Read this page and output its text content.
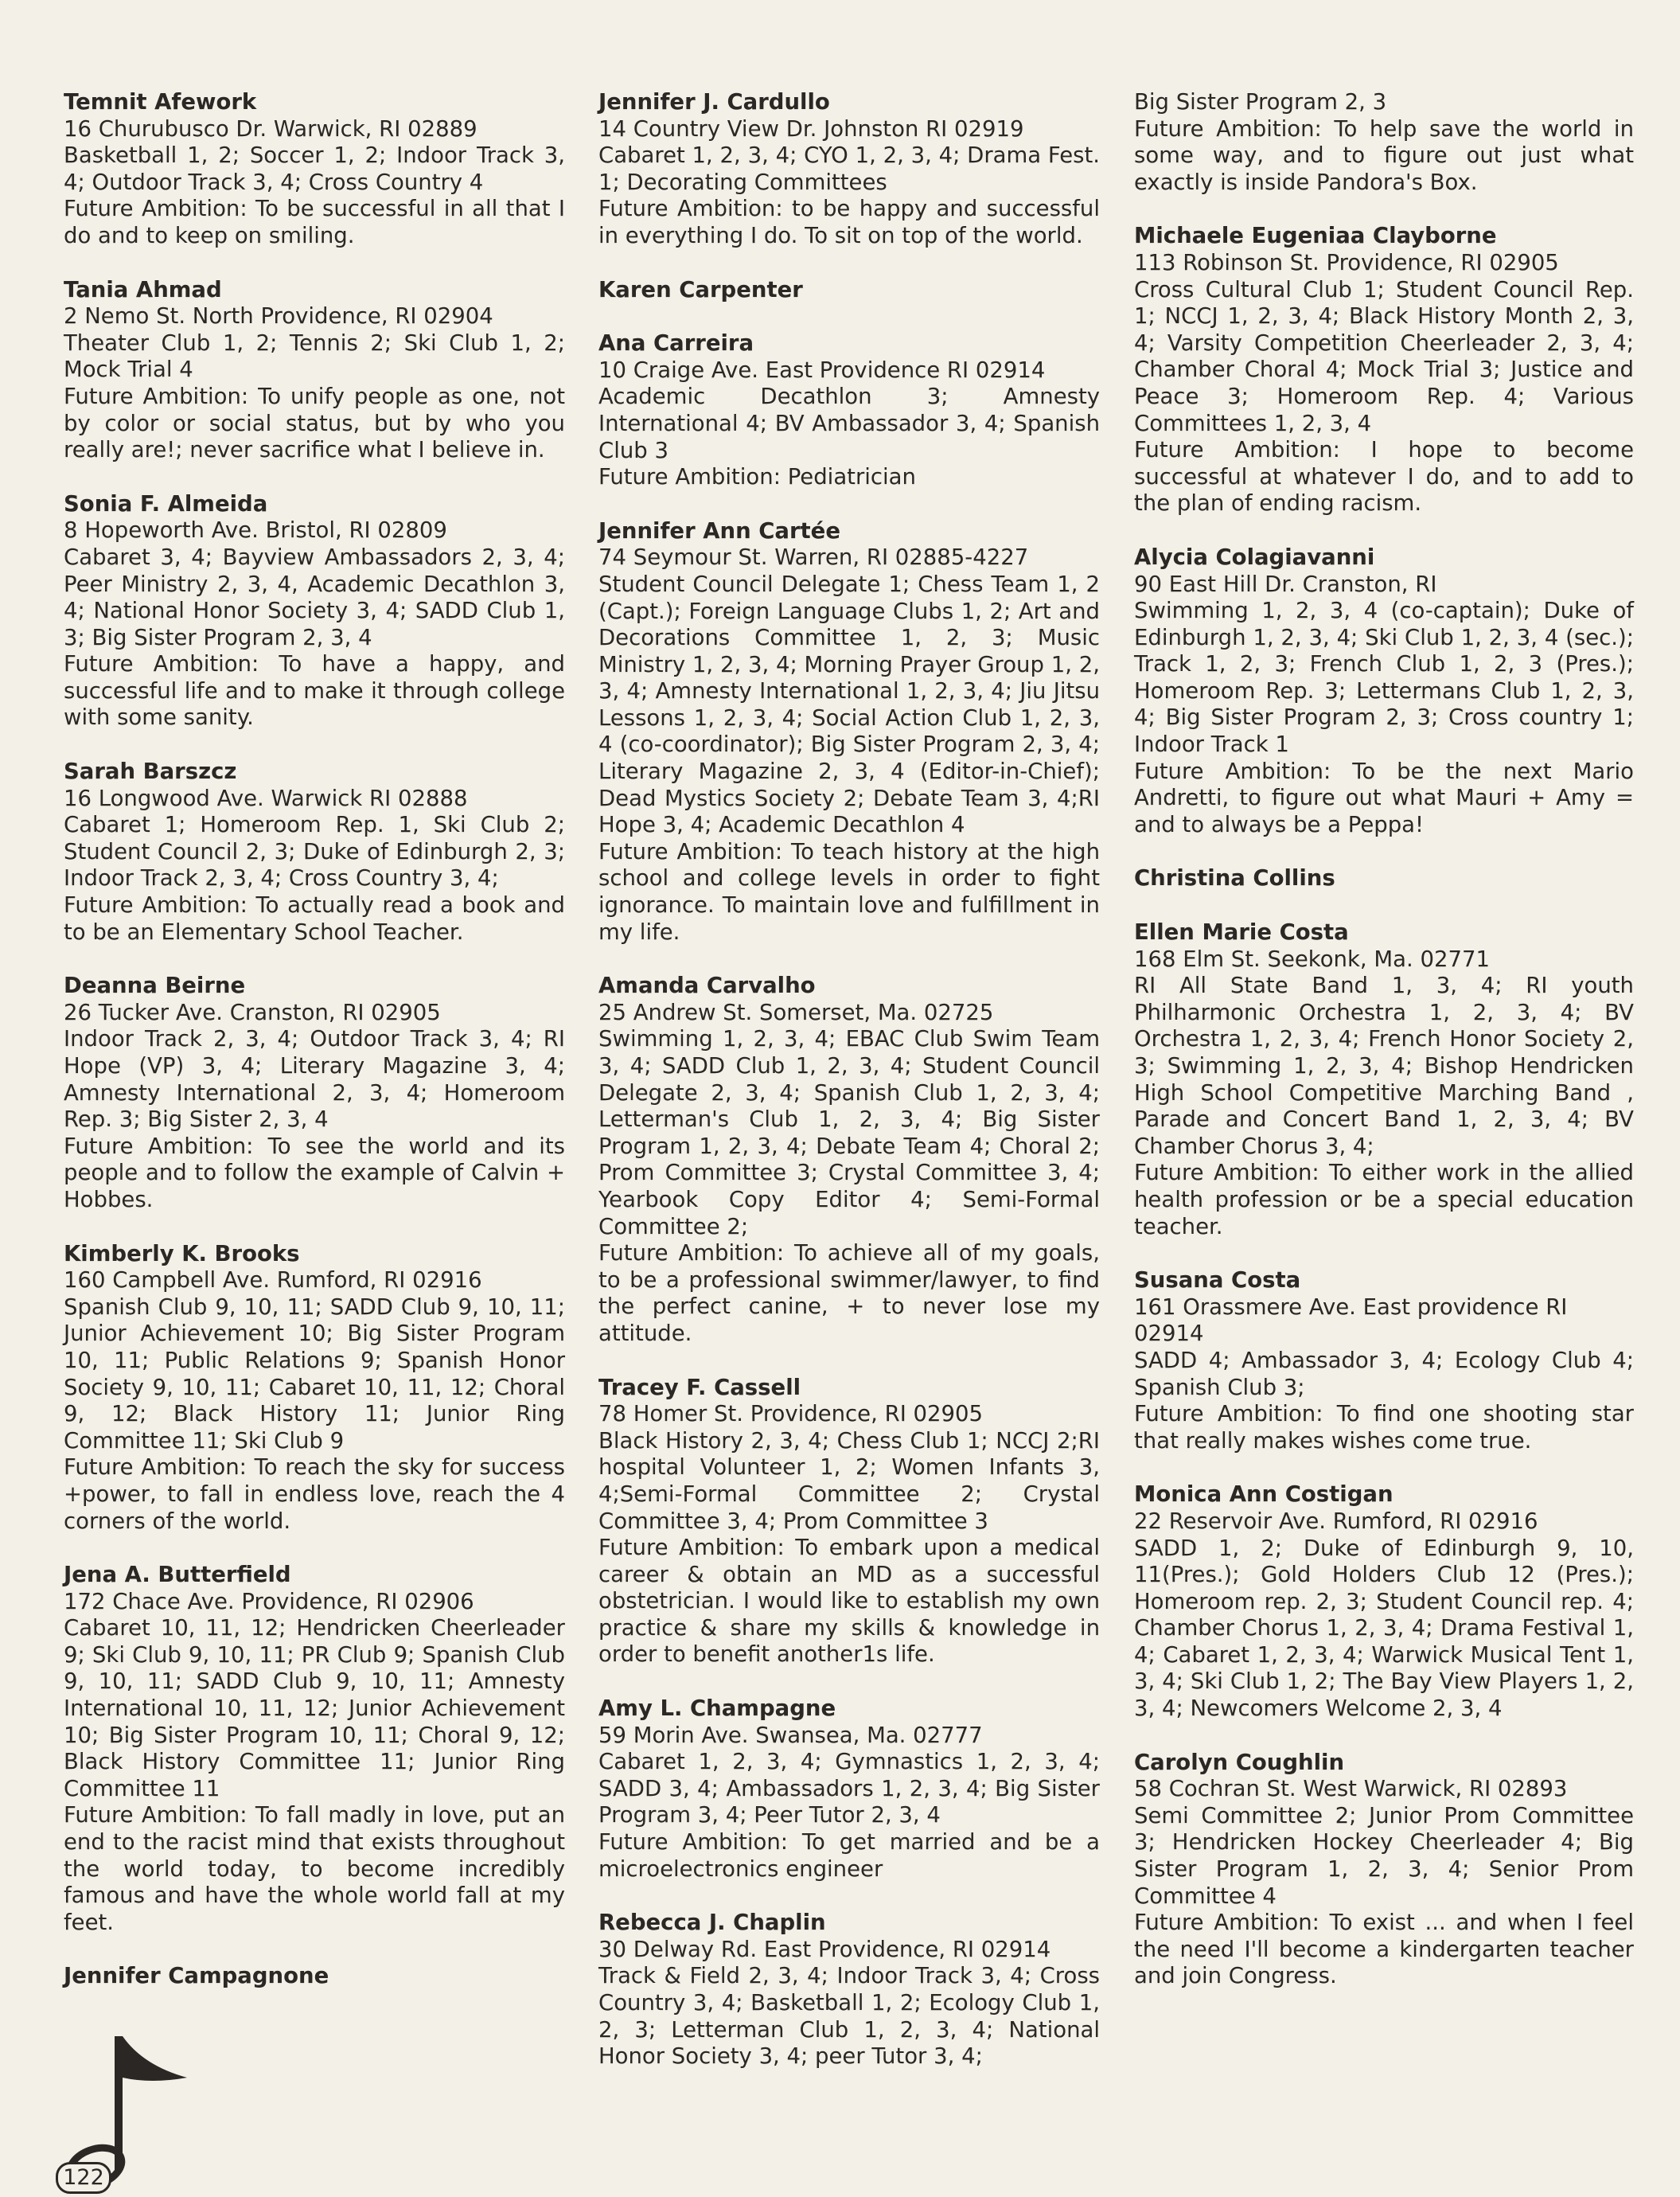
Temnit Afework
16 Churubusco Dr. Warwick, RI 02889
Basketball 1, 2; Soccer 1, 2; Indoor Track 3, 4; Outdoor Track 3, 4; Cross Country 4
Future Ambition: To be successful in all that I do and to keep on smiling.
Tania Ahmad
2 Nemo St. North Providence, RI 02904
Theater Club 1, 2; Tennis 2; Ski Club 1, 2; Mock Trial 4
Future Ambition: To unify people as one, not by color or social status, but by who you really are!; never sacrifice what I believe in.
Sonia F. Almeida
8 Hopeworth Ave. Bristol, RI 02809
Cabaret 3, 4; Bayview Ambassadors 2, 3, 4; Peer Ministry 2, 3, 4, Academic Decathlon 3, 4; National Honor Society 3, 4; SADD Club 1, 3; Big Sister Program 2, 3, 4
Future Ambition: To have a happy, and successful life and to make it through college with some sanity.
Sarah Barszcz
16 Longwood Ave. Warwick RI 02888
Cabaret 1; Homeroom Rep. 1, Ski Club 2; Student Council 2, 3; Duke of Edinburgh 2, 3; Indoor Track 2, 3, 4; Cross Country 3, 4;
Future Ambition: To actually read a book and to be an Elementary School Teacher.
Deanna Beirne
26 Tucker Ave. Cranston, RI 02905
Indoor Track 2, 3, 4; Outdoor Track 3, 4; RI Hope (VP) 3, 4; Literary Magazine 3, 4; Amnesty International 2, 3, 4; Homeroom Rep. 3; Big Sister 2, 3, 4
Future Ambition: To see the world and its people and to follow the example of Calvin + Hobbes.
Kimberly K. Brooks
160 Campbell Ave. Rumford, RI 02916
Spanish Club 9, 10, 11; SADD Club 9, 10, 11; Junior Achievement 10; Big Sister Program 10, 11; Public Relations 9; Spanish Honor Society 9, 10, 11; Cabaret 10, 11, 12; Choral 9, 12; Black History 11; Junior Ring Committee 11; Ski Club 9
Future Ambition: To reach the sky for success +power, to fall in endless love, reach the 4 corners of the world.
Jena A. Butterfield
172 Chace Ave. Providence, RI 02906
Cabaret 10, 11, 12; Hendricken Cheerleader 9; Ski Club 9, 10, 11; PR Club 9; Spanish Club 9, 10, 11; SADD Club 9, 10, 11; Amnesty International 10, 11, 12; Junior Achievement 10; Big Sister Program 10, 11; Choral 9, 12; Black History Committee 11; Junior Ring Committee 11
Future Ambition: To fall madly in love, put an end to the racist mind that exists throughout the world today, to become incredibly famous and have the whole world fall at my feet.
Jennifer Campagnone
Jennifer J. Cardullo
14 Country View Dr. Johnston RI 02919
Cabaret 1, 2, 3, 4; CYO 1, 2, 3, 4; Drama Fest. 1; Decorating Committees
Future Ambition: to be happy and successful in everything I do. To sit on top of the world.
Karen Carpenter
Ana Carreira
10 Craige Ave. East Providence RI 02914
Academic Decathlon 3; Amnesty International 4; BV Ambassador 3, 4; Spanish Club 3
Future Ambition: Pediatrician
Jennifer Ann Cartée
74 Seymour St. Warren, RI 02885-4227
Student Council Delegate 1; Chess Team 1, 2 (Capt.); Foreign Language Clubs 1, 2; Art and Decorations Committee 1, 2, 3; Music Ministry 1, 2, 3, 4; Morning Prayer Group 1, 2, 3, 4; Amnesty International 1, 2, 3, 4; Jiu Jitsu Lessons 1, 2, 3, 4; Social Action Club 1, 2, 3, 4 (co-coordinator); Big Sister Program 2, 3, 4; Literary Magazine 2, 3, 4 (Editor-in-Chief); Dead Mystics Society 2; Debate Team 3, 4;RI Hope 3, 4; Academic Decathlon 4
Future Ambition: To teach history at the high school and college levels in order to fight ignorance. To maintain love and fulfillment in my life.
Amanda Carvalho
25 Andrew St. Somerset, Ma. 02725
Swimming 1, 2, 3, 4; EBAC Club Swim Team 3, 4; SADD Club 1, 2, 3, 4; Student Council Delegate 2, 3, 4; Spanish Club 1, 2, 3, 4; Letterman's Club 1, 2, 3, 4; Big Sister Program 1, 2, 3, 4; Debate Team 4; Choral 2; Prom Committee 3; Crystal Committee 3, 4; Yearbook Copy Editor 4; Semi-Formal Committee 2;
Future Ambition: To achieve all of my goals, to be a professional swimmer/lawyer, to find the perfect canine, + to never lose my attitude.
Tracey F. Cassell
78 Homer St. Providence, RI 02905
Black History 2, 3, 4; Chess Club 1; NCCJ 2;RI hospital Volunteer 1, 2; Women Infants 3, 4;Semi-Formal Committee 2; Crystal Committee 3, 4; Prom Committee 3
Future Ambition: To embark upon a medical career & obtain an MD as a successful obstetrician. I would like to establish my own practice & share my skills & knowledge in order to benefit another1s life.
Amy L. Champagne
59 Morin Ave. Swansea, Ma. 02777
Cabaret 1, 2, 3, 4; Gymnastics 1, 2, 3, 4; SADD 3, 4; Ambassadors 1, 2, 3, 4; Big Sister Program 3, 4; Peer Tutor 2, 3, 4
Future Ambition: To get married and be a microelectronics engineer
Rebecca J. Chaplin
30 Delway Rd. East Providence, RI 02914
Track & Field 2, 3, 4; Indoor Track 3, 4; Cross Country 3, 4; Basketball 1, 2; Ecology Club 1, 2, 3; Letterman Club 1, 2, 3, 4; National Honor Society 3, 4; peer Tutor 3, 4;
Big Sister Program 2, 3
Future Ambition: To help save the world in some way, and to figure out just what exactly is inside Pandora's Box.
Michaele Eugeniaa Clayborne
113 Robinson St. Providence, RI 02905
Cross Cultural Club 1; Student Council Rep. 1; NCCJ 1, 2, 3, 4; Black History Month 2, 3, 4; Varsity Competition Cheerleader 2, 3, 4; Chamber Choral 4; Mock Trial 3; Justice and Peace 3; Homeroom Rep. 4; Various Committees 1, 2, 3, 4
Future Ambition: I hope to become successful at whatever I do, and to add to the plan of ending racism.
Alycia Colagiavanni
90 East Hill Dr. Cranston, RI
Swimming 1, 2, 3, 4 (co-captain); Duke of Edinburgh 1, 2, 3, 4; Ski Club 1, 2, 3, 4 (sec.); Track 1, 2, 3; French Club 1, 2, 3 (Pres.); Homeroom Rep. 3; Lettermans Club 1, 2, 3, 4; Big Sister Program 2, 3; Cross country 1; Indoor Track 1
Future Ambition: To be the next Mario Andretti, to figure out what Mauri + Amy = and to always be a Peppa!
Christina Collins
Ellen Marie Costa
168 Elm St. Seekonk, Ma. 02771
RI All State Band 1, 3, 4; RI youth Philharmonic Orchestra 1, 2, 3, 4; BV Orchestra 1, 2, 3, 4; French Honor Society 2, 3; Swimming 1, 2, 3, 4; Bishop Hendricken High School Competitive Marching Band , Parade and Concert Band 1, 2, 3, 4; BV Chamber Chorus 3, 4;
Future Ambition: To either work in the allied health profession or be a special education teacher.
Susana Costa
161 Orassmere Ave. East providence RI 02914
SADD 4; Ambassador 3, 4; Ecology Club 4; Spanish Club 3;
Future Ambition: To find one shooting star that really makes wishes come true.
Monica Ann Costigan
22 Reservoir Ave. Rumford, RI 02916
SADD 1, 2; Duke of Edinburgh 9, 10, 11(Pres.); Gold Holders Club 12 (Pres.); Homeroom rep. 2, 3; Student Council rep. 4; Chamber Chorus 1, 2, 3, 4; Drama Festival 1, 4; Cabaret 1, 2, 3, 4; Warwick Musical Tent 1, 3, 4; Ski Club 1, 2; The Bay View Players 1, 2, 3, 4; Newcomers Welcome 2, 3, 4
Carolyn Coughlin
58 Cochran St. West Warwick, RI 02893
Semi Committee 2; Junior Prom Committee 3; Hendricken Hockey Cheerleader 4; Big Sister Program 1, 2, 3, 4; Senior Prom Committee 4
Future Ambition: To exist ... and when I feel the need I'll become a kindergarten teacher and join Congress.
122
